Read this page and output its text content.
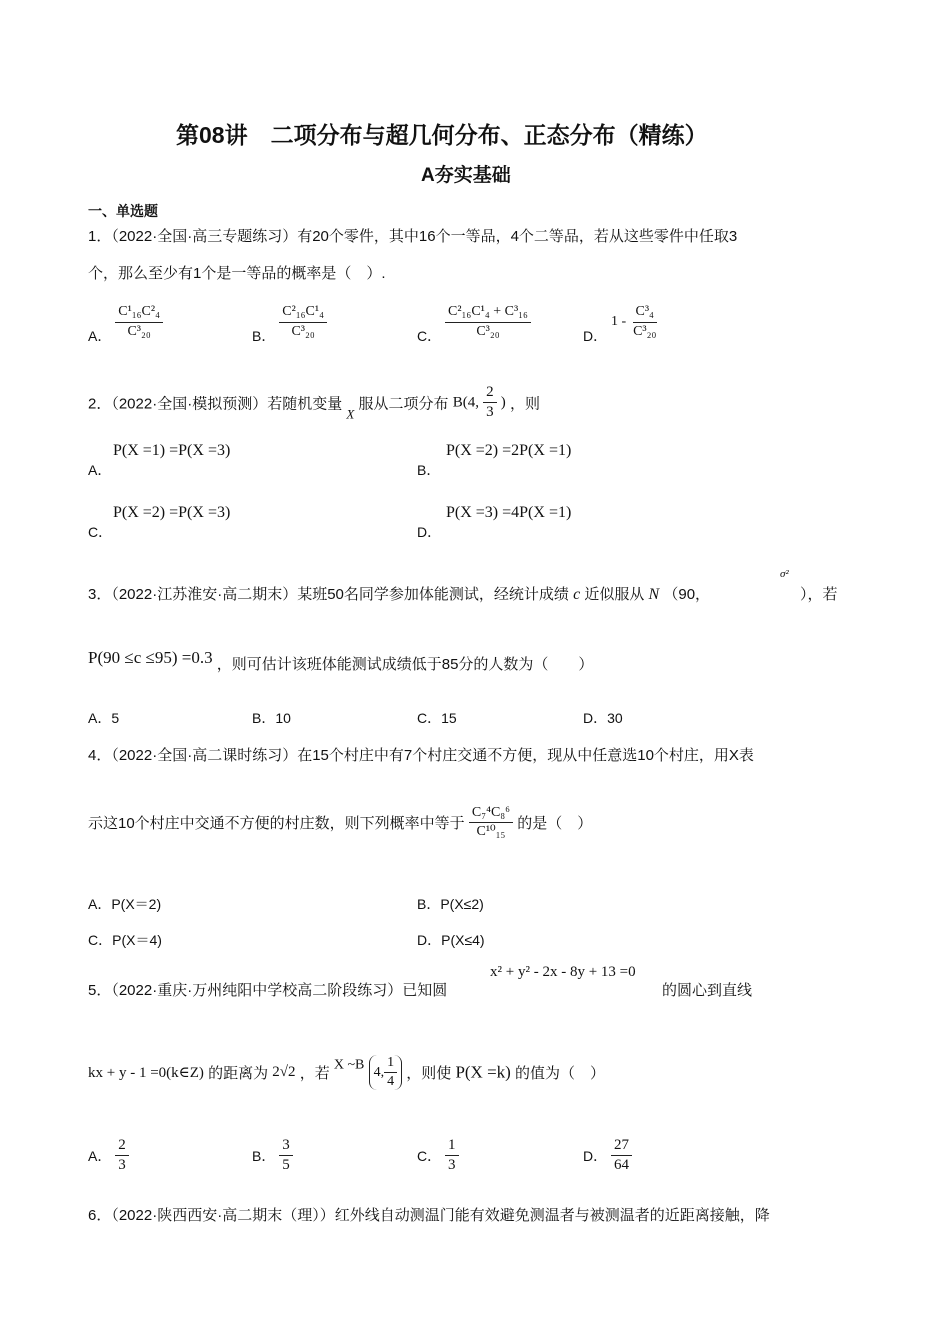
第08讲　二项分布与超几何分布、正态分布（精练）
A夯实基础
一、单选题
1．（2022·全国·高三专题练习）有20个零件，其中16个一等品，4个二等品，若从这些零件中任取3
个，那么至少有1个是一等品的概率是（　）.
A． $\frac{\text{C¹₁₆C²₄}}{\text{C³₂₀}}$	B． $\frac{\text{C²₁₆C¹₄}}{\text{C³₂₀}}$	C． $\frac{\text{C²₁₆C¹₄ + C³₁₆}}{\text{C³₂₀}}$	D． $1 - \frac{\text{C³₄}}{\text{C³₂₀}}$
2．（2022·全国·模拟预测）若随机变量 X 服从二项分布 B(4, $\frac{2}{3}$ ) ，则
A．
P(X =1) =P(X =3)
B．
P(X =2) =2P(X =1)
C．
P(X =2) =P(X =3)
D．
P(X =3) =4P(X =1)
3．（2022·江苏淮安·高二期末）某班50名同学参加体能测试，经统计成绩 c 近似服从 N （90，
σ²
），若
P(90 ≤c ≤95) =0.3 ，则可估计该班体能测试成绩低于85分的人数为（　　）
A．5	B．10	C．15	D．30
4．（2022·全国·高二课时练习）在15个村庄中有7个村庄交通不方便，现从中任意选10个村庄，用X表
示这10个村庄中交通不方便的村庄数，则下列概率中等于 $\frac{\text{C₇⁴C₈⁶}}{\text{C¹⁰₁₅}}$ 的是（　）
A．P(X＝2)	B．P(X≤2)
C．P(X＝4)	D．P(X≤4)
5．（2022·重庆·万州纯阳中学校高二阶段练习）已知圆
x² + y² - 2x - 8y + 13 =0
的圆心到直线
kx + y - 1 =0(k∈Z) 的距离为 2√2 ，若 X ~B 4, $\frac{1}{4}$ ，则使 P(X =k) 的值为（　）
A． $\frac{2}{3}$	B． $\frac{3}{5}$	C． $\frac{1}{3}$	D． $\frac{27}{64}$
6．（2022·陕西西安·高二期末（理））红外线自动测温门能有效避免测温者与被测温者的近距离接触，降
